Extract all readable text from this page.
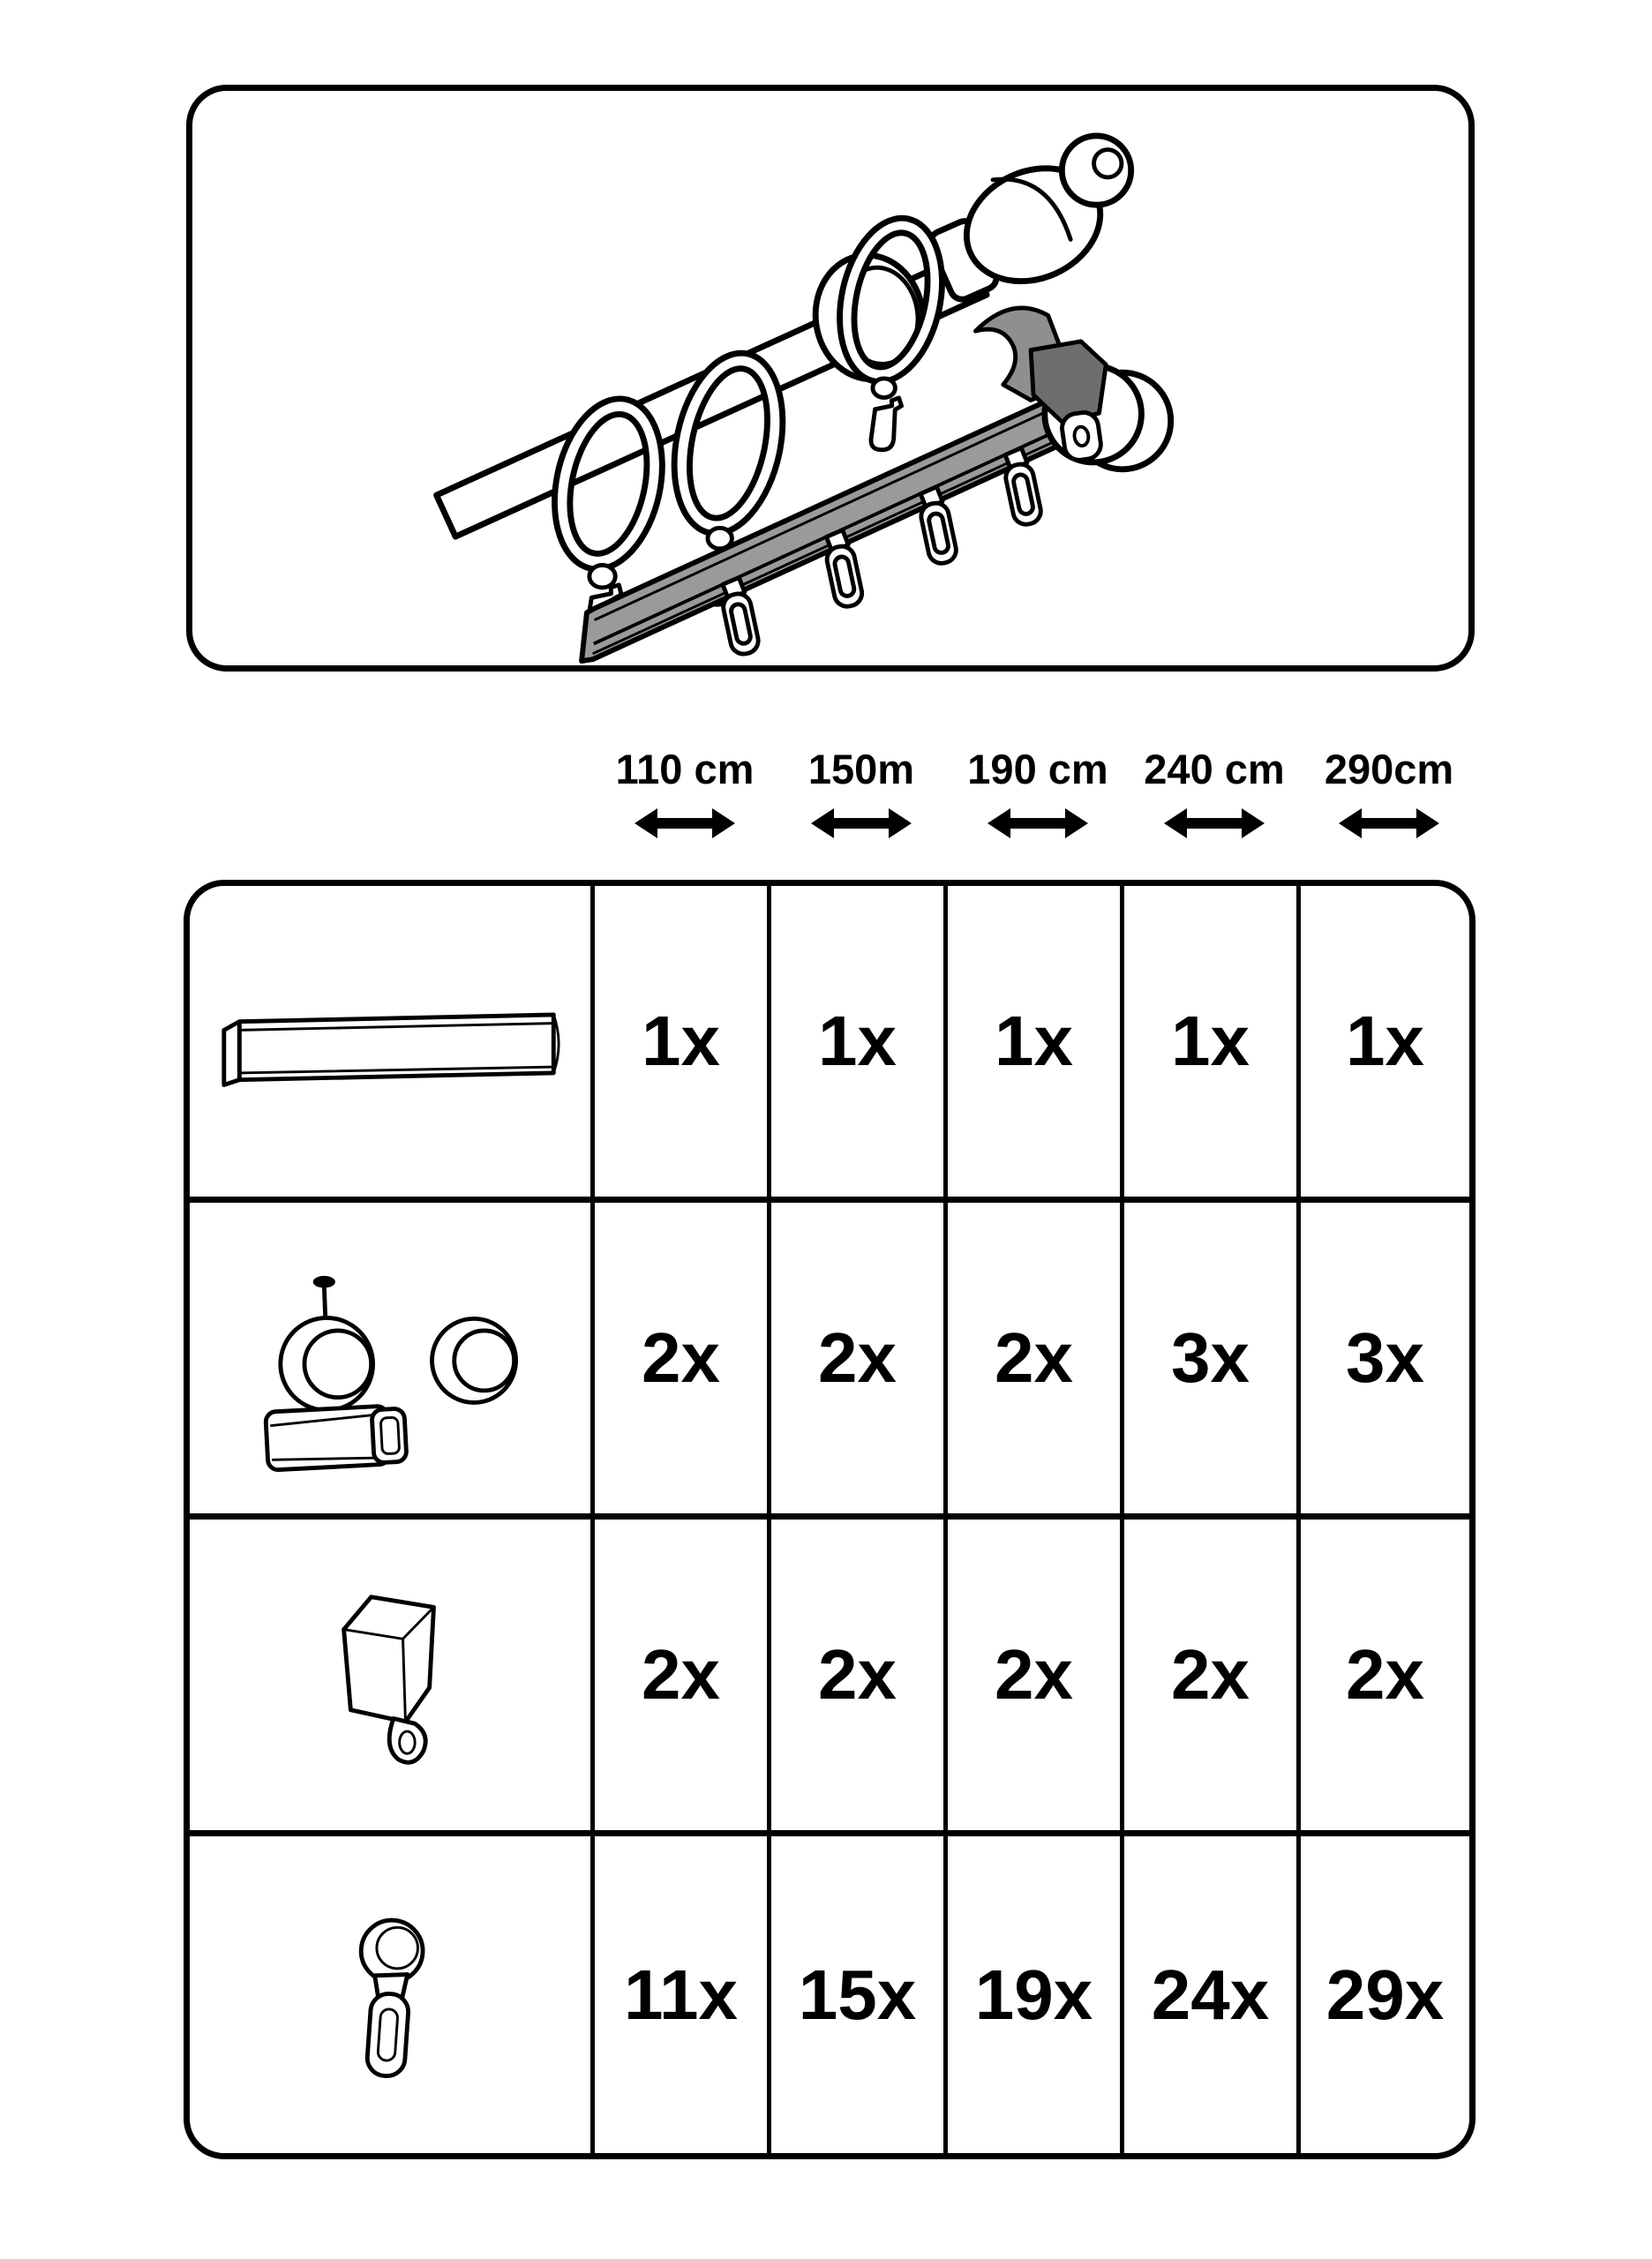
110 cm 150m 190 cm 240 cm 290cm
1x 1x 1x 1x 1x
2x 2x 2x 3x 3x
2x 2x 2x 2x 2x
11x 15x 19x 24x 29x
